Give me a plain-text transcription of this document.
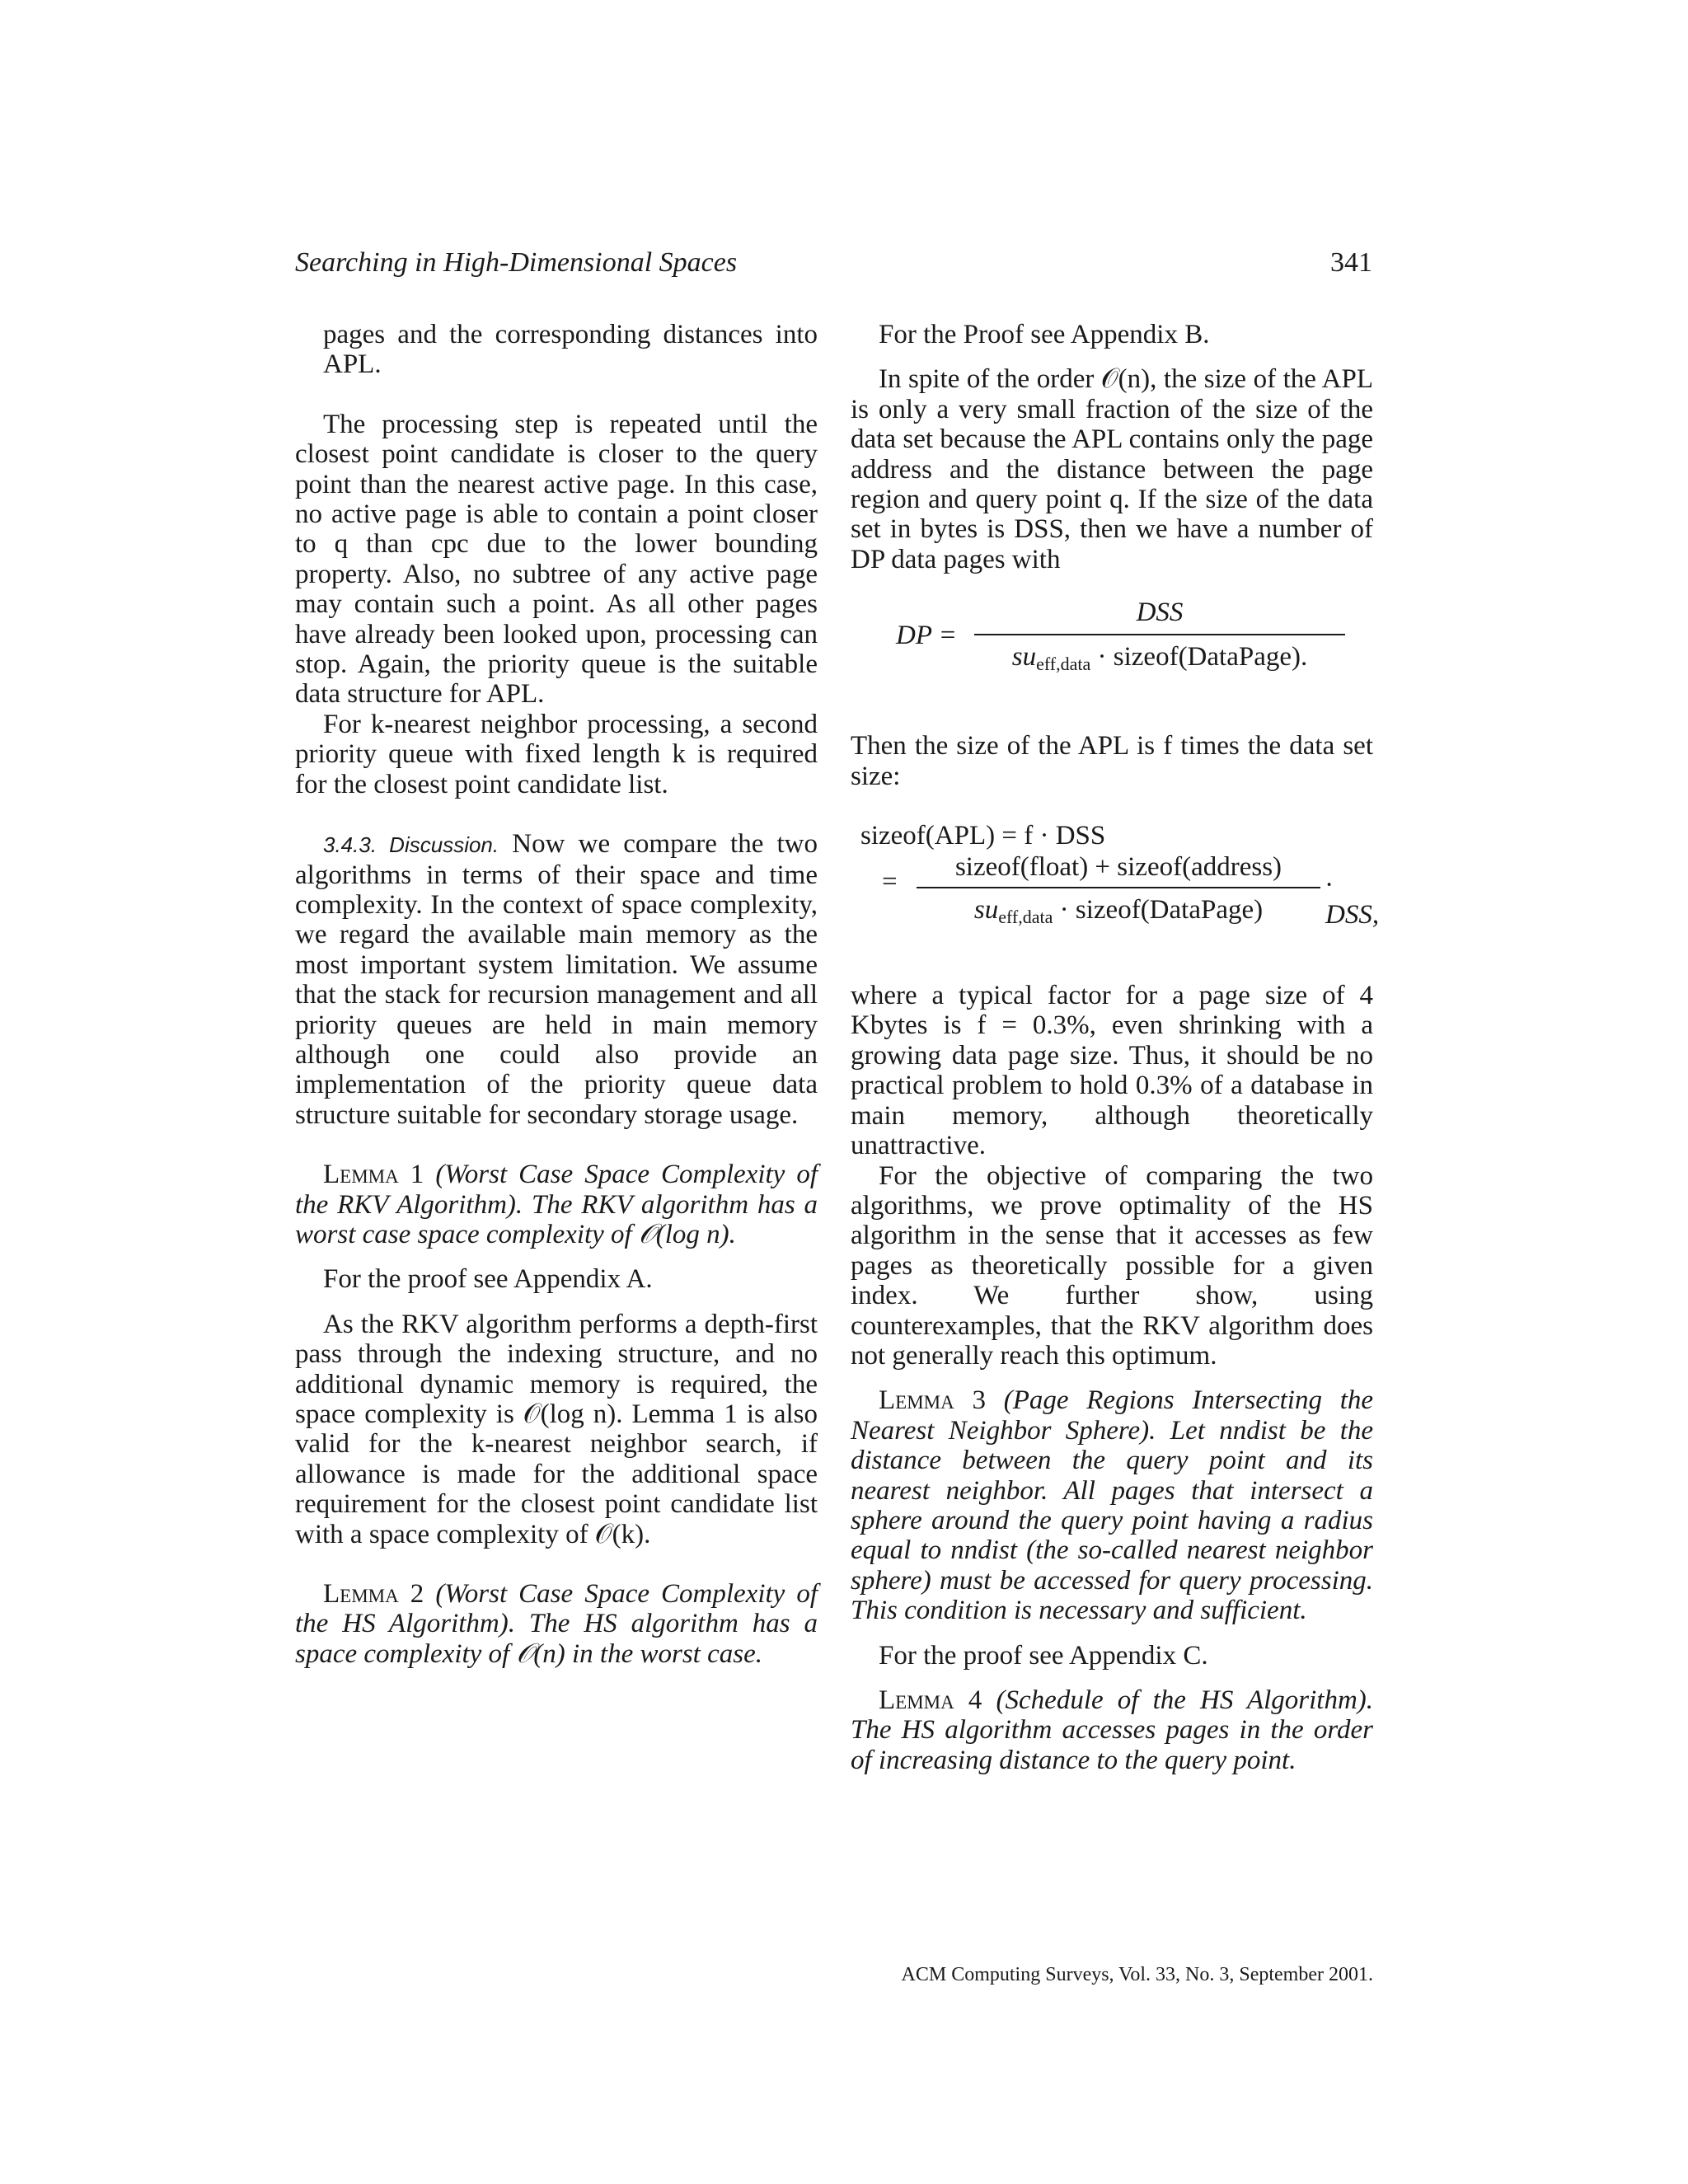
Searching in High-Dimensional Spaces	341

pages and the corresponding distances into APL.

The processing step is repeated until the closest point candidate is closer to the query point than the nearest active page. In this case, no active page is able to contain a point closer to q than cpc due to the lower bounding property. Also, no subtree of any active page may contain such a point. As all other pages have already been looked upon, processing can stop. Again, the priority queue is the suitable data structure for APL.

For k-nearest neighbor processing, a second priority queue with fixed length k is required for the closest point candidate list.

3.4.3. Discussion. Now we compare the two algorithms in terms of their space and time complexity. In the context of space complexity, we regard the available main memory as the most important system limitation. We assume that the stack for recursion management and all priority queues are held in main memory although one could also provide an implementation of the priority queue data structure suitable for secondary storage usage.

Lemma 1 (Worst Case Space Complexity of the RKV Algorithm). The RKV algorithm has a worst case space complexity of 𝒪(log n).

For the proof see Appendix A.

As the RKV algorithm performs a depth-first pass through the indexing structure, and no additional dynamic memory is required, the space complexity is 𝒪(log n). Lemma 1 is also valid for the k-nearest neighbor search, if allowance is made for the additional space requirement for the closest point candidate list with a space complexity of 𝒪(k).

Lemma 2 (Worst Case Space Complexity of the HS Algorithm). The HS algorithm has a space complexity of 𝒪(n) in the worst case.

For the Proof see Appendix B.

In spite of the order 𝒪(n), the size of the APL is only a very small fraction of the size of the data set because the APL contains only the page address and the distance between the page region and query point q. If the size of the data set in bytes is DSS, then we have a number of DP data pages with

DP =
DSS
sueff,data · sizeof(DataPage).

Then the size of the APL is f times the data set size:

sizeof(APL) = f · DSS
=	sizeof(float) + sizeof(address)
sueff,data · sizeof(DataPage)
· DSS,

where a typical factor for a page size of 4 Kbytes is f = 0.3%, even shrinking with a growing data page size. Thus, it should be no practical problem to hold 0.3% of a database in main memory, although theoretically unattractive.

For the objective of comparing the two algorithms, we prove optimality of the HS algorithm in the sense that it accesses as few pages as theoretically possible for a given index. We further show, using counterexamples, that the RKV algorithm does not generally reach this optimum.

Lemma 3 (Page Regions Intersecting the Nearest Neighbor Sphere). Let nndist be the distance between the query point and its nearest neighbor. All pages that intersect a sphere around the query point having a radius equal to nndist (the so-called nearest neighbor sphere) must be accessed for query processing. This condition is necessary and sufficient.

For the proof see Appendix C.

Lemma 4 (Schedule of the HS Algorithm). The HS algorithm accesses pages in the order of increasing distance to the query point.

ACM Computing Surveys, Vol. 33, No. 3, September 2001.
